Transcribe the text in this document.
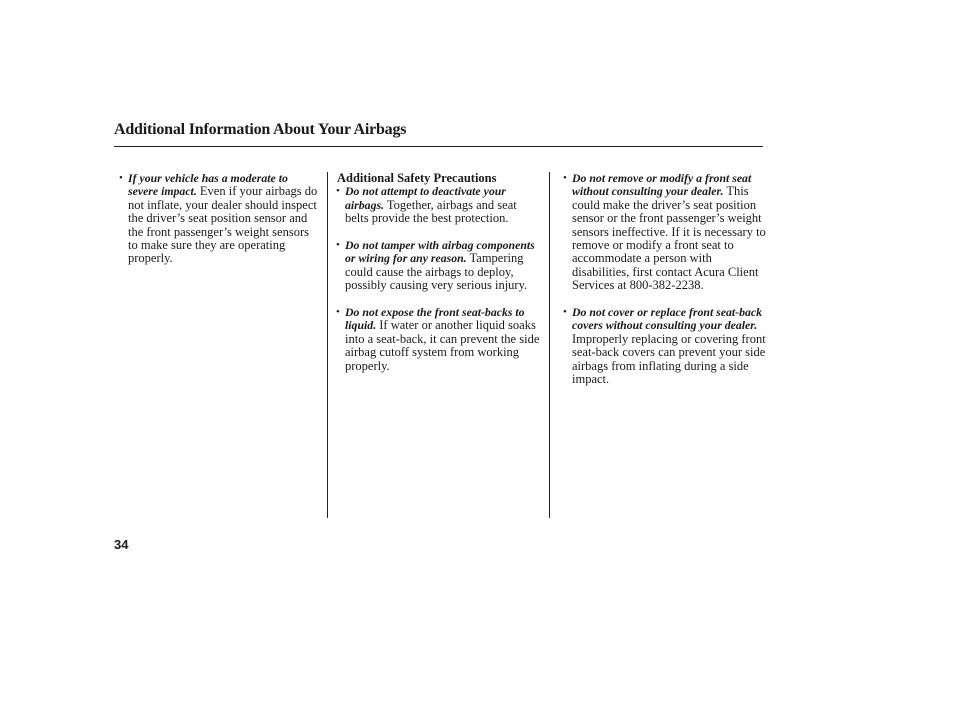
Additional Information About Your Airbags

• If your vehicle has a moderate to severe impact. Even if your airbags do not inflate, your dealer should inspect the driver’s seat position sensor and the front passenger’s weight sensors to make sure they are operating properly.

Additional Safety Precautions

• Do not attempt to deactivate your airbags. Together, airbags and seat belts provide the best protection.

• Do not tamper with airbag components or wiring for any reason. Tampering could cause the airbags to deploy, possibly causing very serious injury.

• Do not expose the front seat-backs to liquid. If water or another liquid soaks into a seat-back, it can prevent the side airbag cutoff system from working properly.

• Do not remove or modify a front seat without consulting your dealer. This could make the driver’s seat position sensor or the front passenger’s weight sensors ineffective. If it is necessary to remove or modify a front seat to accommodate a person with disabilities, first contact Acura Client Services at 800-382-2238.

• Do not cover or replace front seat-back covers without consulting your dealer. Improperly replacing or covering front seat-back covers can prevent your side airbags from inflating during a side impact.

34
